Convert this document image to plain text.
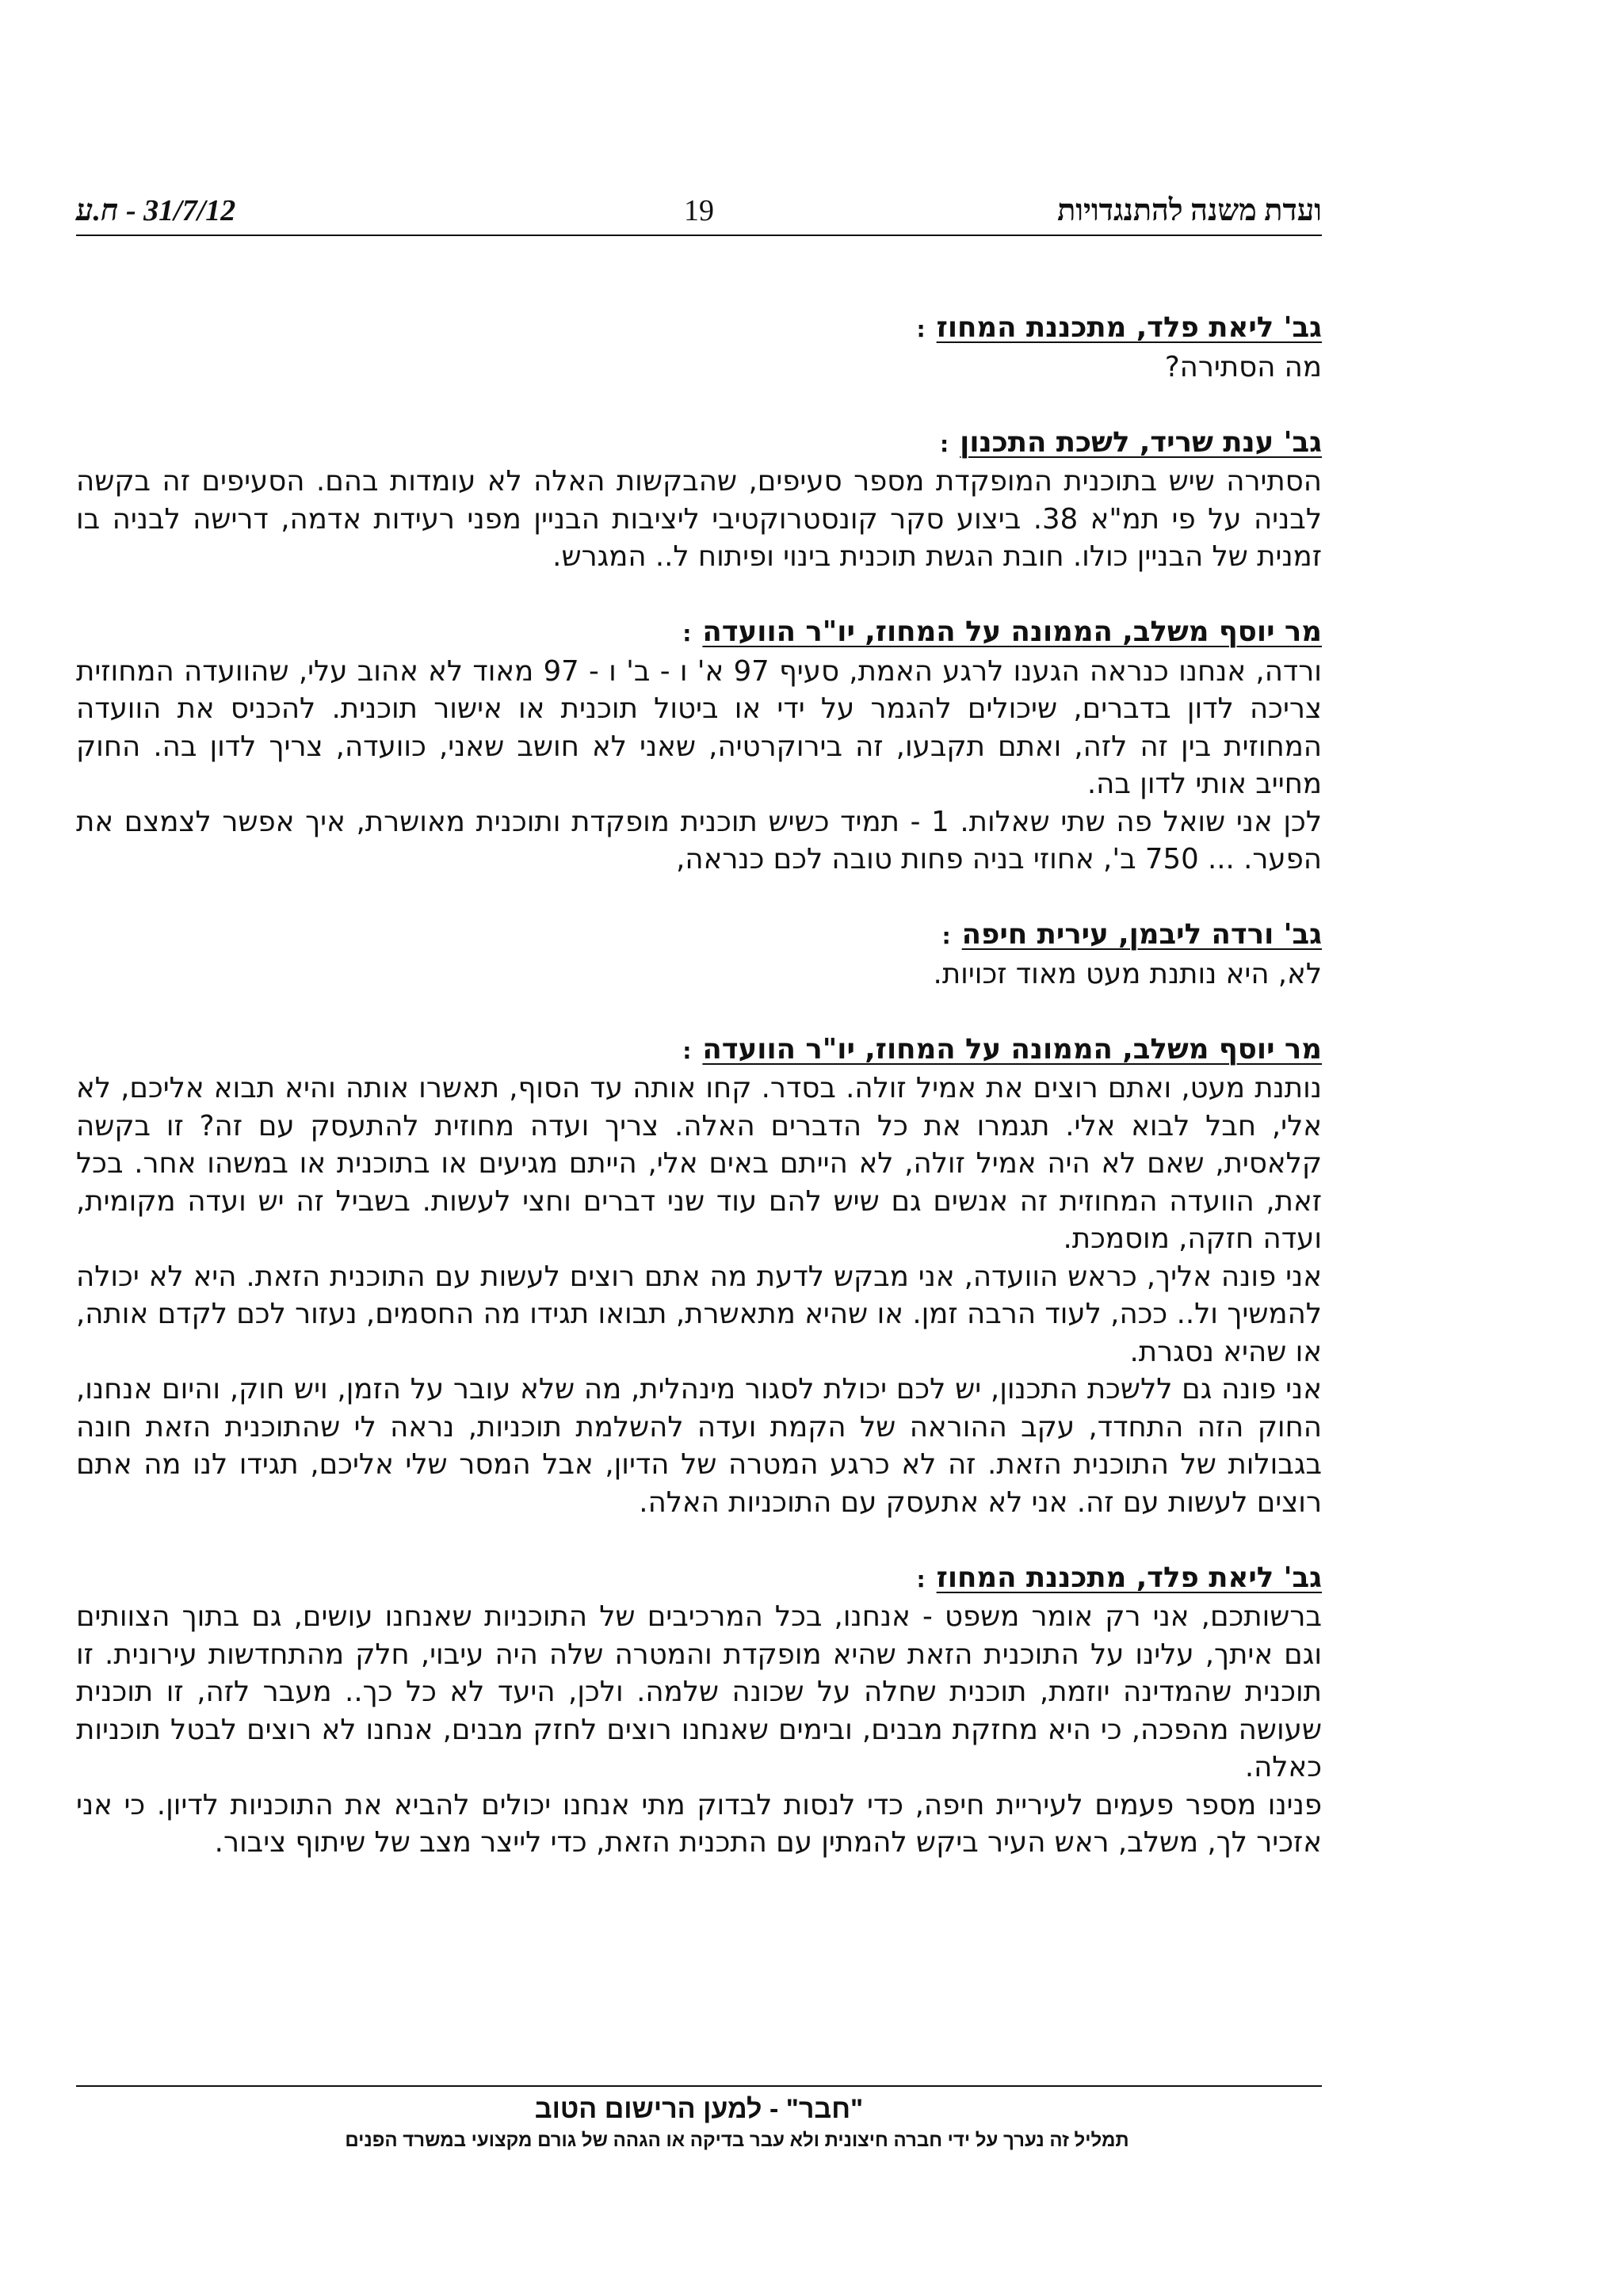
ועדת משנה להתנגדויות
19
31/7/12 - ח.ע
גב' ליאת פלד, מתכננת המחוז:
מה הסתירה?
גב' ענת שריד, לשכת התכנון:
הסתירה שיש בתוכנית המופקדת מספר סעיפים, שהבקשות האלה לא עומדות בהם. הסעיפים זה בקשה לבניה על פי תמ"א 38. ביצוע סקר קונסטרוקטיבי ליציבות הבניין מפני רעידות אדמה, דרישה לבניה בו זמנית של הבניין כולו. חובת הגשת תוכנית בינוי ופיתוח ל.. המגרש.
מר יוסף משלב, הממונה על המחוז, יו"ר הוועדה:
ורדה, אנחנו כנראה הגענו לרגע האמת, סעיף 97 א' ו - ב' ו - 97 מאוד לא אהוב עלי, שהוועדה המחוזית צריכה לדון בדברים, שיכולים להגמר על ידי או ביטול תוכנית או אישור תוכנית. להכניס את הוועדה המחוזית בין זה לזה, ואתם תקבעו, זה בירוקרטיה, שאני לא חושב שאני, כוועדה, צריך לדון בה. החוק מחייב אותי לדון בה.
לכן אני שואל פה שתי שאלות. 1 - תמיד כשיש תוכנית מופקדת ותוכנית מאושרת, איך אפשר לצמצם את הפער. ... 750 ב', אחוזי בניה פחות טובה לכם כנראה,
גב' ורדה ליבמן, עירית חיפה:
לא, היא נותנת מעט מאוד זכויות.
מר יוסף משלב, הממונה על המחוז, יו"ר הוועדה:
נותנת מעט, ואתם רוצים את אמיל זולה. בסדר. קחו אותה עד הסוף, תאשרו אותה והיא תבוא אליכם, לא אלי, חבל לבוא אלי. תגמרו את כל הדברים האלה. צריך ועדה מחוזית להתעסק עם זה? זו בקשה קלאסית, שאם לא היה אמיל זולה, לא הייתם באים אלי, הייתם מגיעים או בתוכנית או במשהו אחר. בכל זאת, הוועדה המחוזית זה אנשים גם שיש להם עוד שני דברים וחצי לעשות. בשביל זה יש ועדה מקומית, ועדה חזקה, מוסמכת.
אני פונה אליך, כראש הוועדה, אני מבקש לדעת מה אתם רוצים לעשות עם התוכנית הזאת. היא לא יכולה להמשיך ול.. ככה, לעוד הרבה זמן. או שהיא מתאשרת, תבואו תגידו מה החסמים, נעזור לכם לקדם אותה, או שהיא נסגרת.
אני פונה גם ללשכת התכנון, יש לכם יכולת לסגור מינהלית, מה שלא עובר על הזמן, ויש חוק, והיום אנחנו, החוק הזה התחדד, עקב ההוראה של הקמת ועדה להשלמת תוכניות, נראה לי שהתוכנית הזאת חונה בגבולות של התוכנית הזאת. זה לא כרגע המטרה של הדיון, אבל המסר שלי אליכם, תגידו לנו מה אתם רוצים לעשות עם זה. אני לא אתעסק עם התוכניות האלה.
גב' ליאת פלד, מתכננת המחוז:
ברשותכם, אני רק אומר משפט - אנחנו, בכל המרכיבים של התוכניות שאנחנו עושים, גם בתוך הצוותים וגם איתך, עלינו על התוכנית הזאת שהיא מופקדת והמטרה שלה היה עיבוי, חלק מהתחדשות עירונית. זו תוכנית שהמדינה יוזמת, תוכנית שחלה על שכונה שלמה. ולכן, היעד לא כל כך.. מעבר לזה, זו תוכנית שעושה מהפכה, כי היא מחזקת מבנים, ובימים שאנחנו רוצים לחזק מבנים, אנחנו לא רוצים לבטל תוכניות כאלה.
פנינו מספר פעמים לעיריית חיפה, כדי לנסות לבדוק מתי אנחנו יכולים להביא את התוכניות לדיון. כי אני אזכיר לך, משלב, ראש העיר ביקש להמתין עם התכנית הזאת, כדי לייצר מצב של שיתוף ציבור.
"חבר" - למען הרישום הטוב
תמליל זה נערך על ידי חברה חיצונית ולא עבר בדיקה או הגהה של גורם מקצועי במשרד הפנים
